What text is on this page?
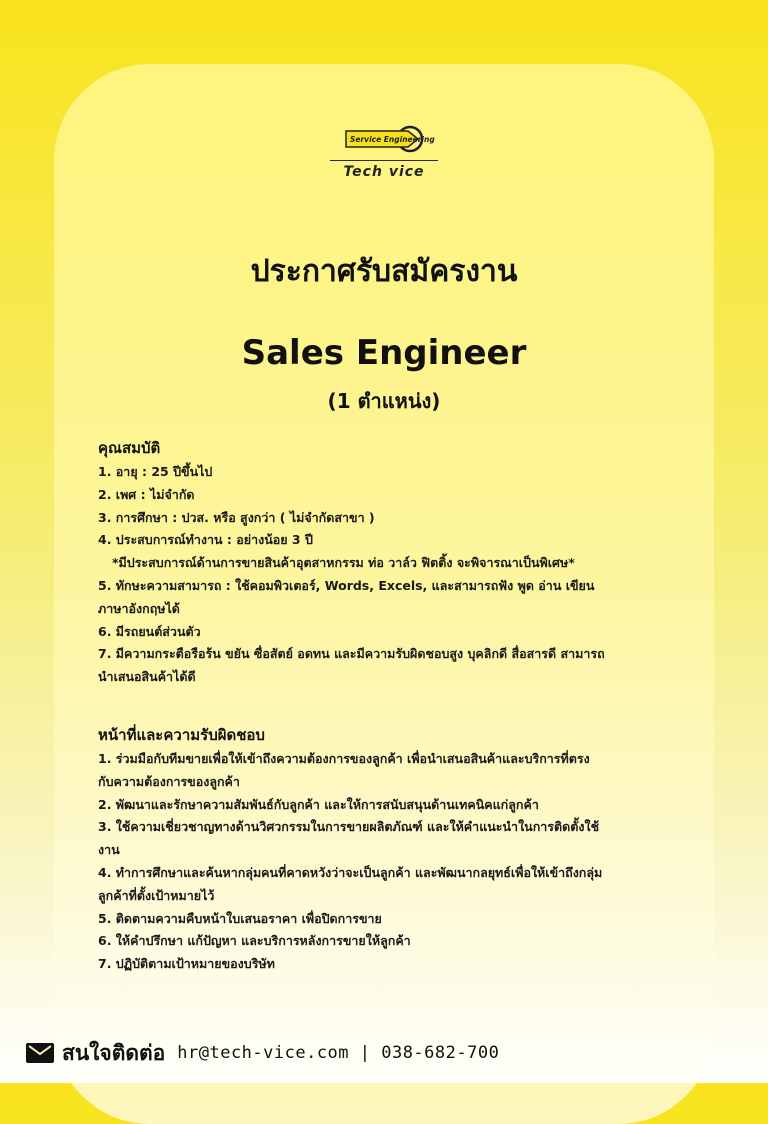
Service Engineering
Tech vice
ประกาศรับสมัครงาน
Sales Engineer
(1 ตำแหน่ง)
คุณสมบัติ
1. อายุ : 25 ปีขึ้นไป
2. เพศ : ไม่จำกัด
3. การศึกษา : ปวส. หรือ สูงกว่า ( ไม่จำกัดสาขา )
4. ประสบการณ์ทำงาน : อย่างน้อย 3 ปี
*มีประสบการณ์ด้านการขายสินค้าอุตสาหกรรม ท่อ วาล์ว ฟิตติ้ง จะพิจารณาเป็นพิเศษ*
5. ทักษะความสามารถ : ใช้คอมพิวเตอร์, Words, Excels, และสามารถฟัง พูด อ่าน เขียน
ภาษาอังกฤษได้
6. มีรถยนต์ส่วนตัว
7. มีความกระตือรือร้น ขยัน ซื่อสัตย์ อดทน และมีความรับผิดชอบสูง บุคลิกดี สื่อสารดี สามารถ
นำเสนอสินค้าได้ดี
หน้าที่และความรับผิดชอบ
1. ร่วมมือกับทีมขายเพื่อให้เข้าถึงความต้องการของลูกค้า เพื่อนำเสนอสินค้าและบริการที่ตรง
กับความต้องการของลูกค้า
2. พัฒนาและรักษาความสัมพันธ์กับลูกค้า และให้การสนับสนุนด้านเทคนิคแก่ลูกค้า
3. ใช้ความเชี่ยวชาญทางด้านวิศวกรรมในการขายผลิตภัณฑ์ และให้คำแนะนำในการติดตั้งใช้
งาน
4. ทำการศึกษาและค้นหากลุ่มคนที่คาดหวังว่าจะเป็นลูกค้า และพัฒนากลยุทธ์เพื่อให้เข้าถึงกลุ่ม
ลูกค้าที่ตั้งเป้าหมายไว้
5. ติดตามความคืบหน้าใบเสนอราคา เพื่อปิดการขาย
6. ให้คำปรึกษา แก้ปัญหา และบริการหลังการขายให้ลูกค้า
7. ปฏิบัติตามเป้าหมายของบริษัท
สนใจติดต่อ hr@tech-vice.com | 038-682-700
